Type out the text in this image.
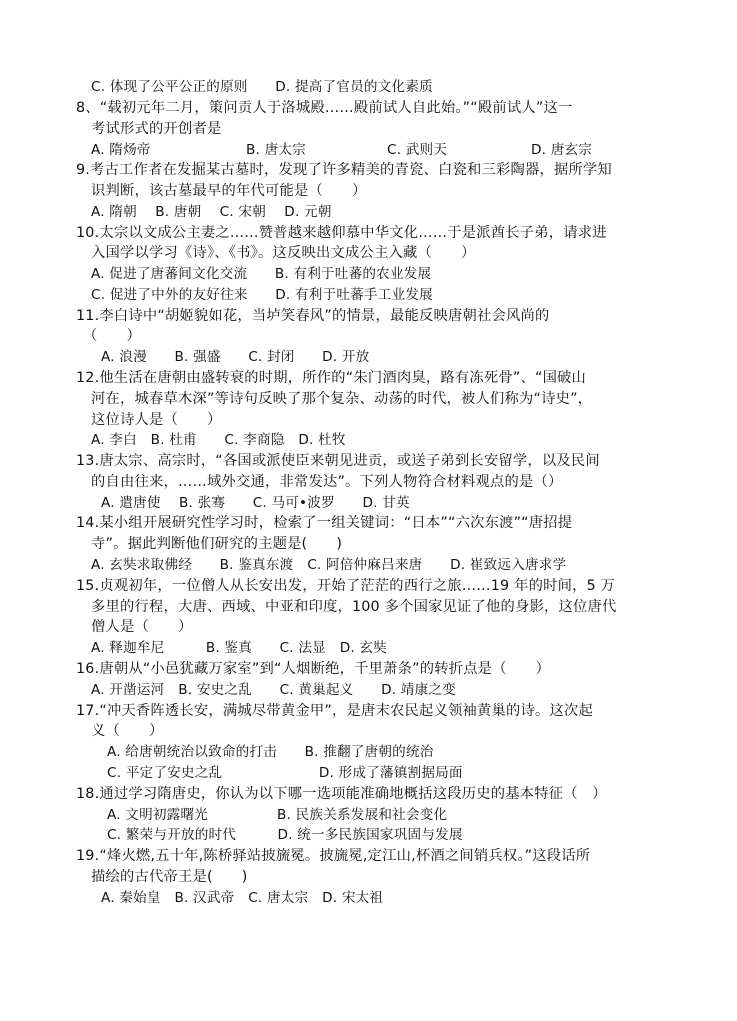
C. 体现了公平公正的原则　　D. 提高了官员的文化素质
8、“载初元年二月，策问贡人于洛城殿……殿前试人自此始。”“殿前试人”这一
考试形式的开创者是
A. 隋炀帝	B. 唐太宗	C. 武则天	D. 唐玄宗
9.考古工作者在发掘某古墓时，发现了许多精美的青瓷、白瓷和三彩陶器，据所学知
识判断，该古墓最早的年代可能是（　　）
A. 隋朝　 B. 唐朝　 C. 宋朝　 D. 元朝
10.太宗以文成公主妻之……赞普越来越仰慕中华文化……于是派酋长子弟，请求进
入国学以学习《诗》、《书》。这反映出文成公主入藏（　　）
A. 促进了唐蕃间文化交流　　B. 有利于吐蕃的农业发展
C. 促进了中外的友好往来　　D. 有利于吐蕃手工业发展
11.李白诗中“胡姬貌如花，当垆笑春风”的情景，最能反映唐朝社会风尚的
（　　）
A. 浪漫　　B. 强盛　　C. 封闭　　D. 开放
12.他生活在唐朝由盛转衰的时期，所作的“朱门酒肉臭，路有冻死骨”、“国破山
河在，城春草木深”等诗句反映了那个复杂、动荡的时代，被人们称为“诗史”，
这位诗人是（　　）
A. 李白　B. 杜甫　　C. 李商隐　D. 杜牧
13.唐太宗、高宗时，“各国或派使臣来朝见进贡，或送子弟到长安留学，以及民间
的自由往来，……域外交通，非常发达”。下列人物符合材料观点的是（）
A. 遣唐使　 B. 张骞　　C. 马可•波罗　　D. 甘英
14.某小组开展研究性学习时，检索了一组关键词：“日本”“六次东渡”“唐招提
寺”。据此判断他们研究的主题是(　　)
A. 玄奘求取佛经　　B. 鉴真东渡　C. 阿倍仲麻吕来唐　　D. 崔致远入唐求学
15.贞观初年，一位僧人从长安出发，开始了茫茫的西行之旅……19 年的时间，5 万
多里的行程，大唐、西域、中亚和印度，100 多个国家见证了他的身影，这位唐代
僧人是（　　）
A. 释迦牟尼　　　B. 鉴真　　C. 法显　D. 玄奘
16.唐朝从“小邑犹藏万家室”到“人烟断绝，千里萧条”的转折点是（　　）
A. 开凿运河　B. 安史之乱　　C. 黄巢起义　　D. 靖康之变
17.“冲天香阵透长安，满城尽带黄金甲”，是唐末农民起义领袖黄巢的诗。这次起
义（　　）
A. 给唐朝统治以致命的打击　　B. 推翻了唐朝的统治
C. 平定了安史之乱　　　　　　　D. 形成了藩镇割据局面
18.通过学习隋唐史，你认为以下哪一选项能准确地概括这段历史的基本特征（　）
A. 文明初露曙光　　　　　B. 民族关系发展和社会变化
C. 繁荣与开放的时代　　　D. 统一多民族国家巩固与发展
19.“烽火燃,五十年,陈桥驿站披旒冕。披旒冕,定江山,杯酒之间销兵权。”这段话所
描绘的古代帝王是(　　)
A. 秦始皇　B. 汉武帝　C. 唐太宗　D. 宋太祖
